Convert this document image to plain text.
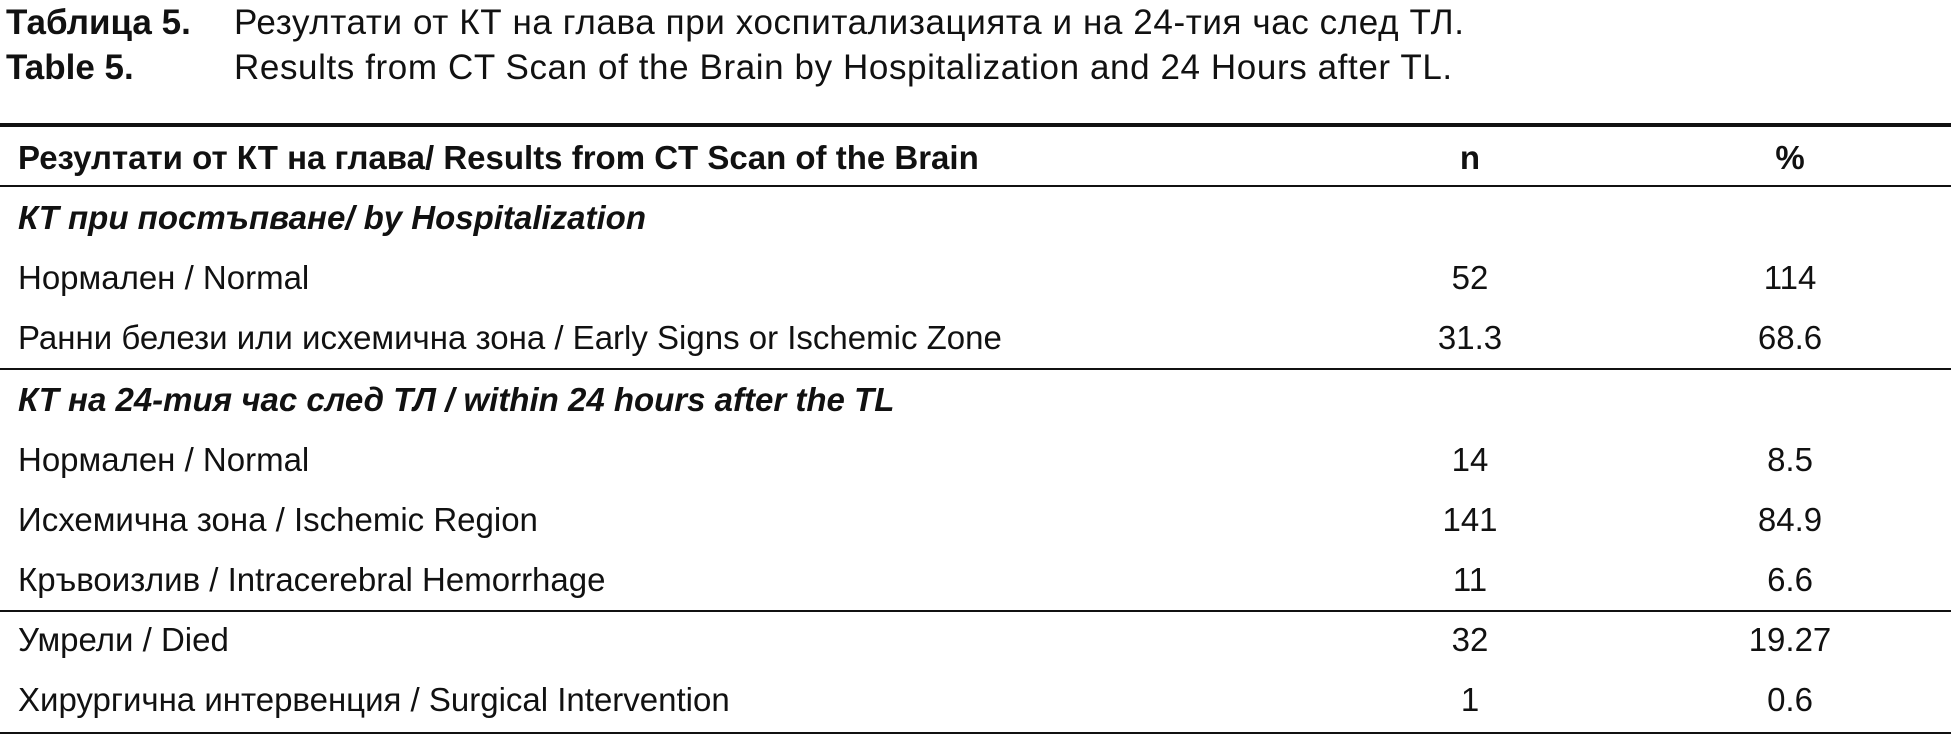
Таблица 5.	Резултати от КТ на глава при хоспитализацията и на 24-тия час след ТЛ.
Table 5.	Results from CT Scan of the Brain by Hospitalization and 24 Hours after TL.
Резултати от КТ на глава/ Results from CT Scan of the Brain	n	%
КТ при постъпване/ by Hospitalization
Нормален / Normal	52	114
Ранни белези или исхемична зона / Early Signs or Ischemic Zone	31.3	68.6
КТ на 24-тия час след ТЛ / within 24 hours after the TL
Нормален / Normal	14	8.5
Исхемична зона / Ischemic Region	141	84.9
Кръвоизлив / Intracerebral Hemorrhage	11	6.6
Умрели / Died	32	19.27
Хирургична интервенция / Surgical Intervention	1	0.6
